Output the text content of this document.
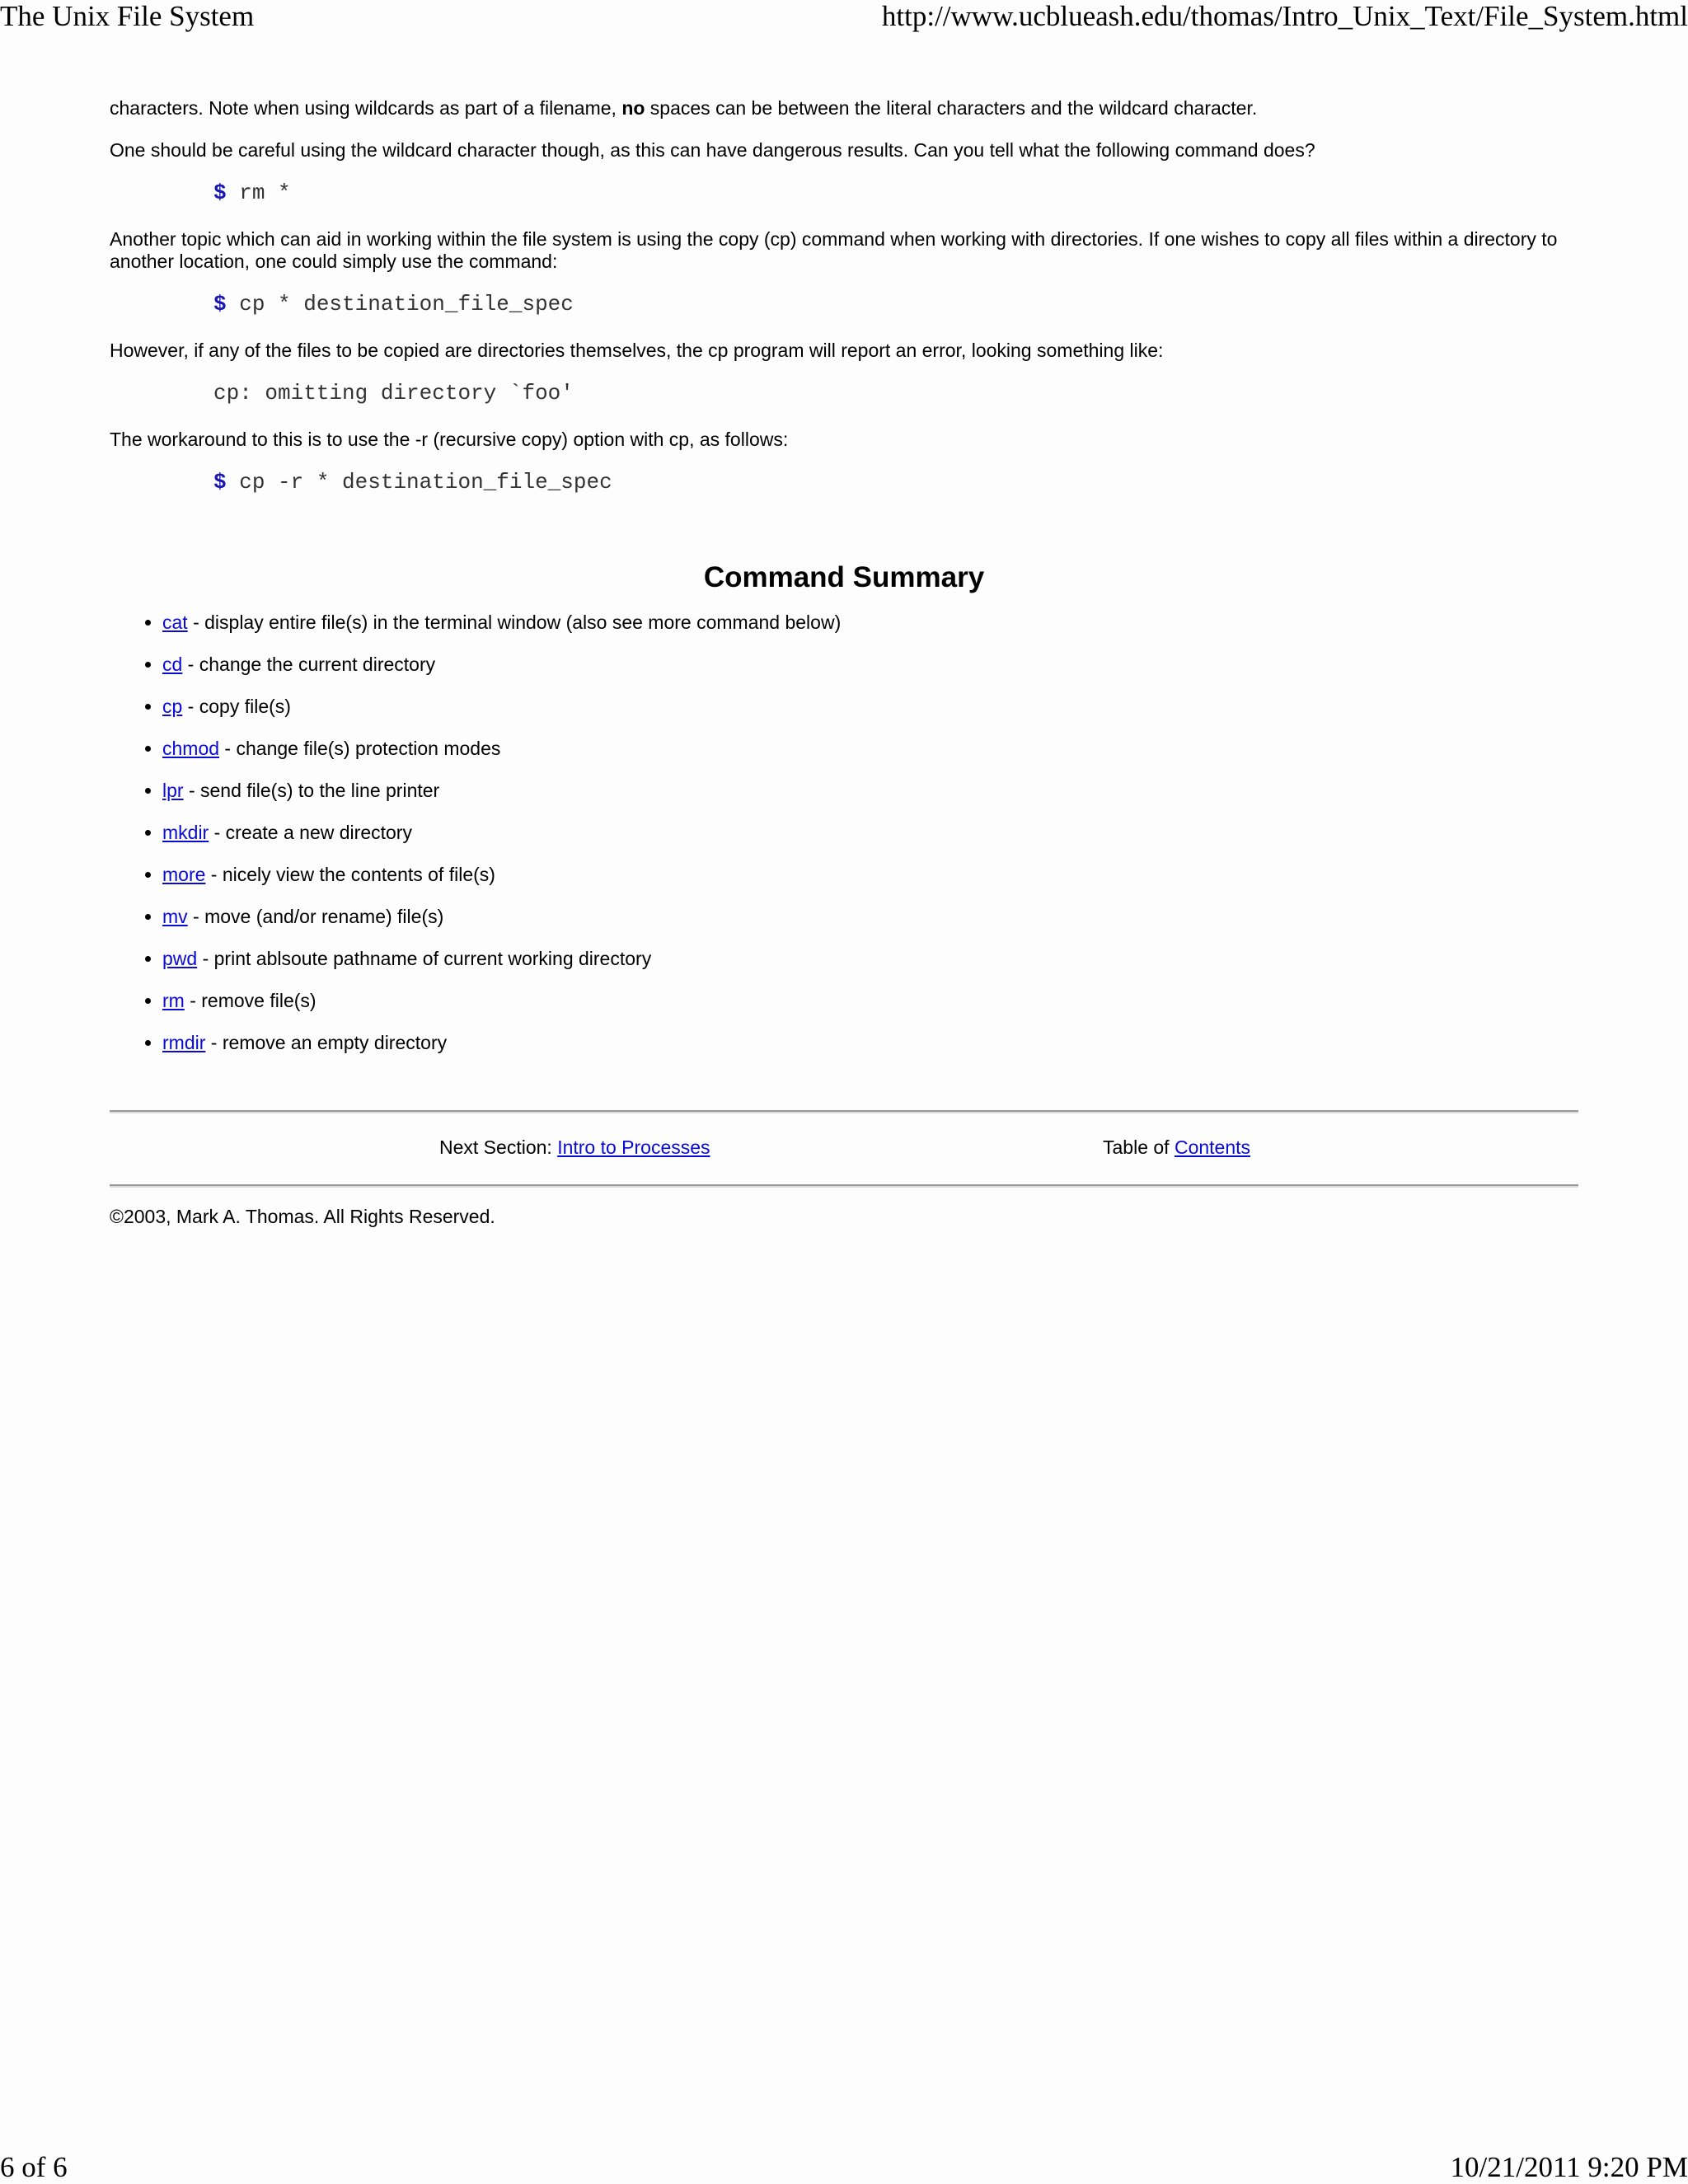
The Unix File System	http://www.ucblueash.edu/thomas/Intro_Unix_Text/File_System.html

characters. Note when using wildcards as part of a filename, no spaces can be between the literal characters and the wildcard character.

One should be careful using the wildcard character though, as this can have dangerous results. Can you tell what the following command does?

$ rm *

Another topic which can aid in working within the file system is using the copy (cp) command when working with directories. If one wishes to copy all files within a directory to another location, one could simply use the command:

$ cp * destination_file_spec

However, if any of the files to be copied are directories themselves, the cp program will report an error, looking something like:

cp: omitting directory `foo'

The workaround to this is to use the -r (recursive copy) option with cp, as follows:

$ cp -r * destination_file_spec
Command Summary
• cat - display entire file(s) in the terminal window (also see more command below)
• cd - change the current directory
• cp - copy file(s)
• chmod - change file(s) protection modes
• lpr - send file(s) to the line printer
• mkdir - create a new directory
• more - nicely view the contents of file(s)
• mv - move (and/or rename) file(s)
• pwd - print ablsoute pathname of current working directory
• rm - remove file(s)
• rmdir - remove an empty directory
Next Section: Intro to Processes	Table of Contents
©2003, Mark A. Thomas. All Rights Reserved.
6 of 6	10/21/2011 9:20 PM
